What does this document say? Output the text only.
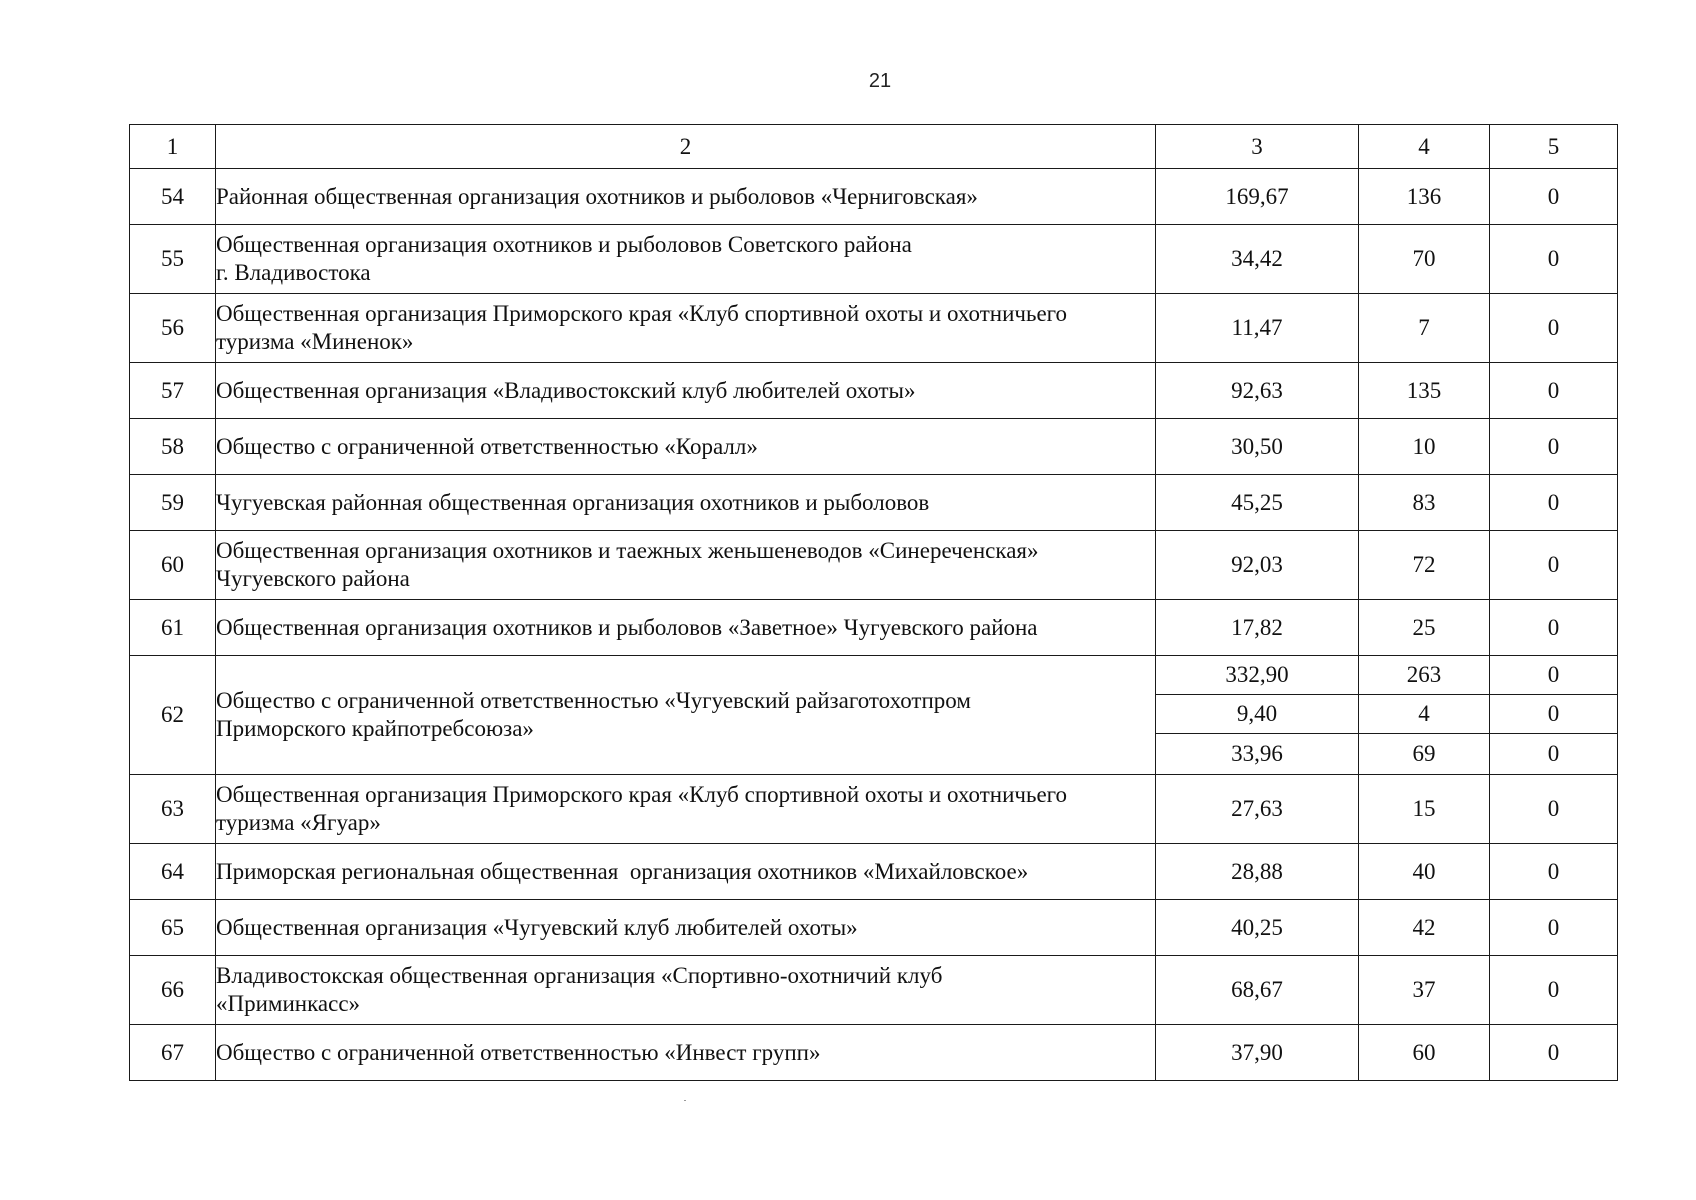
21
1	2	3	4	5
54	Районная общественная организация охотников и рыболовов «Черниговская»	169,67	136	0
55	Общественная организация охотников и рыболовов Советского района
г. Владивостока	34,42	70	0
56	Общественная организация Приморского края «Клуб спортивной охоты и охотничьего
туризма «Миненок»	11,47	7	0
57	Общественная организация «Владивостокский клуб любителей охоты»	92,63	135	0
58	Общество с ограниченной ответственностью «Коралл»	30,50	10	0
59	Чугуевская районная общественная организация охотников и рыболовов	45,25	83	0
60	Общественная организация охотников и таежных женьшеневодов «Синереченская»
Чугуевского района	92,03	72	0
61	Общественная организация охотников и рыболовов «Заветное» Чугуевского района	17,82	25	0
62	Общество с ограниченной ответственностью «Чугуевский райзаготохотпром
Приморского крайпотребсоюза»	332,90	263	0
		9,40	4	0
		33,96	69	0
63	Общественная организация Приморского края «Клуб спортивной охоты и охотничьего
туризма «Ягуар»	27,63	15	0
64	Приморская региональная общественная  организация охотников «Михайловское»	28,88	40	0
65	Общественная организация «Чугуевский клуб любителей охоты»	40,25	42	0
66	Владивостокская общественная организация «Спортивно-охотничий клуб
«Приминкасс»	68,67	37	0
67	Общество с ограниченной ответственностью «Инвест групп»	37,90	60	0
